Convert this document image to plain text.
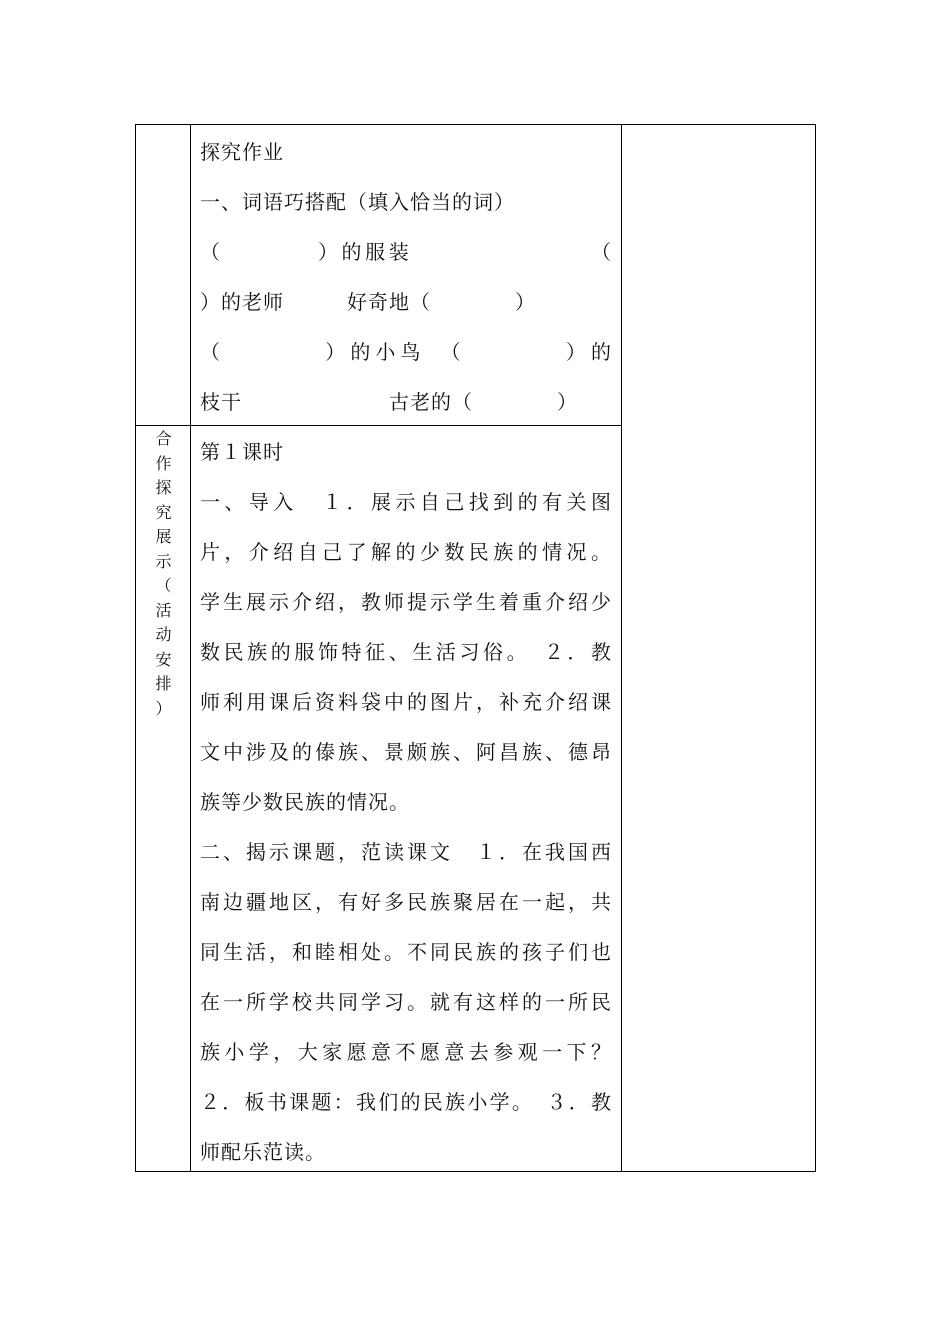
探究作业

一、词语巧搭配（填入恰当的词）

（　　　　）的服装　　　　　　　　（

）的老师　　　好奇地（　　　　）

（　　　　）的小鸟　（　　　　）的

枝干　　　　　　　古老的（　　　　）

合
作
探
究
展
示
（
活
动
安
排
）

第１课时

一、导入　１．展示自己找到的有关图

片，介绍自己了解的少数民族的情况。

学生展示介绍，教师提示学生着重介绍少

数民族的服饰特征、生活习俗。　２．教

师利用课后资料袋中的图片，补充介绍课

文中涉及的傣族、景颇族、阿昌族、德昂

族等少数民族的情况。

二、揭示课题，范读课文　１．在我国西

南边疆地区，有好多民族聚居在一起，共

同生活，和睦相处。不同民族的孩子们也

在一所学校共同学习。就有这样的一所民

族小学，大家愿意不愿意去参观一下？

２．板书课题：我们的民族小学。　３．教

师配乐范读。
